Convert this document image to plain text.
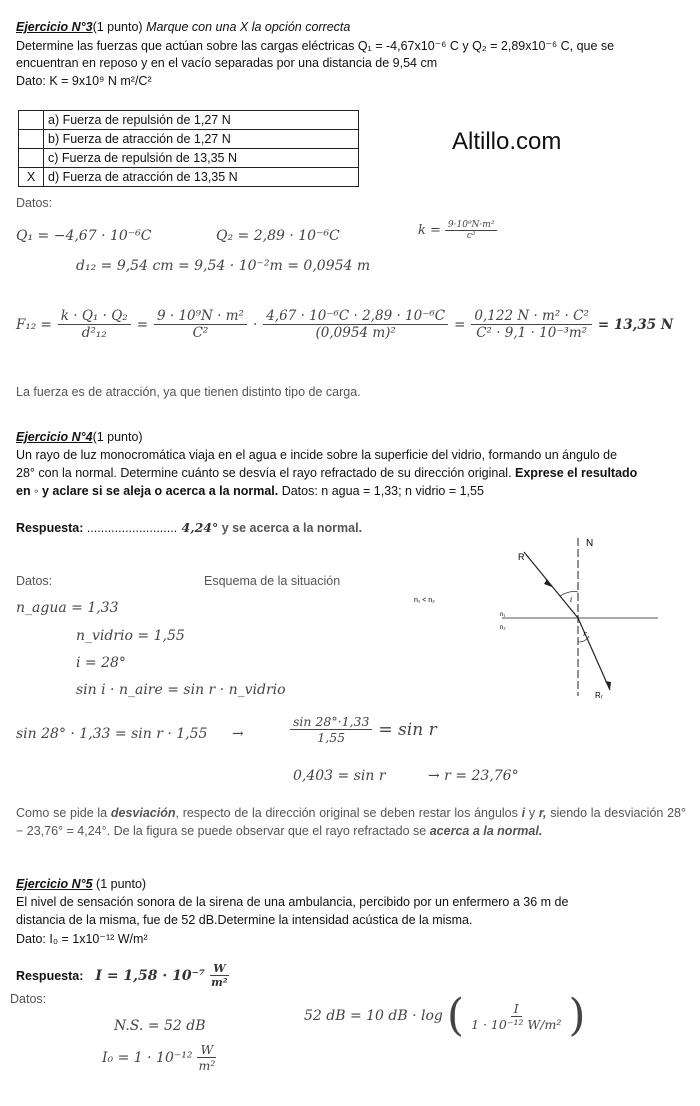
Altillo.com
Ejercicio N°3(1 punto) Marque con una X la opción correcta
Determine las fuerzas que actúan sobre las cargas eléctricas Q₁ = -4,67x10⁻⁶ C y Q₂ = 2,89x10⁻⁶ C, que se
encuentran en reposo y en el vacío separadas por una distancia de 9,54 cm
Dato: K = 9x10⁹ N m²/C²
	a) Fuerza de repulsión de 1,27 N
	b) Fuerza de atracción de 1,27 N
	c) Fuerza de repulsión de 13,35 N
X	d) Fuerza de atracción de 13,35 N
Datos:
Q₁ = −4,67 · 10⁻⁶C	Q₂ = 2,89 · 10⁻⁶C	$k = \frac{\text{9·10⁹N·m²}}{\text{c²}}$
d₁₂ = 9,54 cm = 9,54 · 10⁻²m = 0,0954 m
$F_{12} = \frac{\text{k · Q₁ · Q₂}}{\text{d²₁₂}} = \frac{\text{9 · 10⁹N · m²}}{\text{C²}} \cdot \frac{\text{4,67 · 10⁻⁶C · 2,89 · 10⁻⁶C}}{\text{(0,0954 m)²}} = \frac{\text{0,122 N · m² · C²}}{\text{C² · 9,1 · 10⁻³m²}} = 13,35$ N
La fuerza es de atracción, ya que tienen distinto tipo de carga.
Ejercicio N°4(1 punto)
Un rayo de luz monocromática viaja en el agua e incide sobre la superficie del vidrio, formando un ángulo de
28° con la normal. Determine cuánto se desvía el rayo refractado de su dirección original. Exprese el resultado
en ◦ y aclare si se aleja o acerca a la normal. Datos: n agua = 1,33; n vidrio = 1,55
Respuesta: .......................... 4,24° y se acerca a la normal.
Datos:	Esquema de la situación
n_agua = 1,33
n_vidrio = 1,55
i = 28°
sin i · n_aire = sin r · n_vidrio
sin 28° · 1,33 = sin r · 1,55 →	$\frac{\sin 28^\circ\cdot 1,33}{1,55} = \sin r$
0,403 = sin r	→ r = 23,76°
N
R
Rᵣ
i
r
n₁ < n₂
n₁
n₂
Como se pide la desviación, respecto de la dirección original se deben restar los ángulos i y r, siendo la desviación 28° − 23,76° = 4,24°. De la figura se puede observar que el rayo refractado se acerca a la normal.
Ejercicio N°5 (1 punto)
El nivel de sensación sonora de la sirena de una ambulancia, percibido por un enfermero a 36 m de
distancia de la misma, fue de 52 dB.Determine la intensidad acústica de la misma.
Dato: I₀ = 1x10⁻¹² W/m²
Respuesta: $I = 1,58 \cdot 10^{-7} \frac{W}{\text{m²}}$
Datos:
N.S. = 52 dB
52 dB = 10 dB · log ( $\frac{I}{\text{1 · 10⁻¹² W/m²}}$ )
$I_0 = 1 \cdot 10^{-12} \frac{W}{\text{m²}}$
